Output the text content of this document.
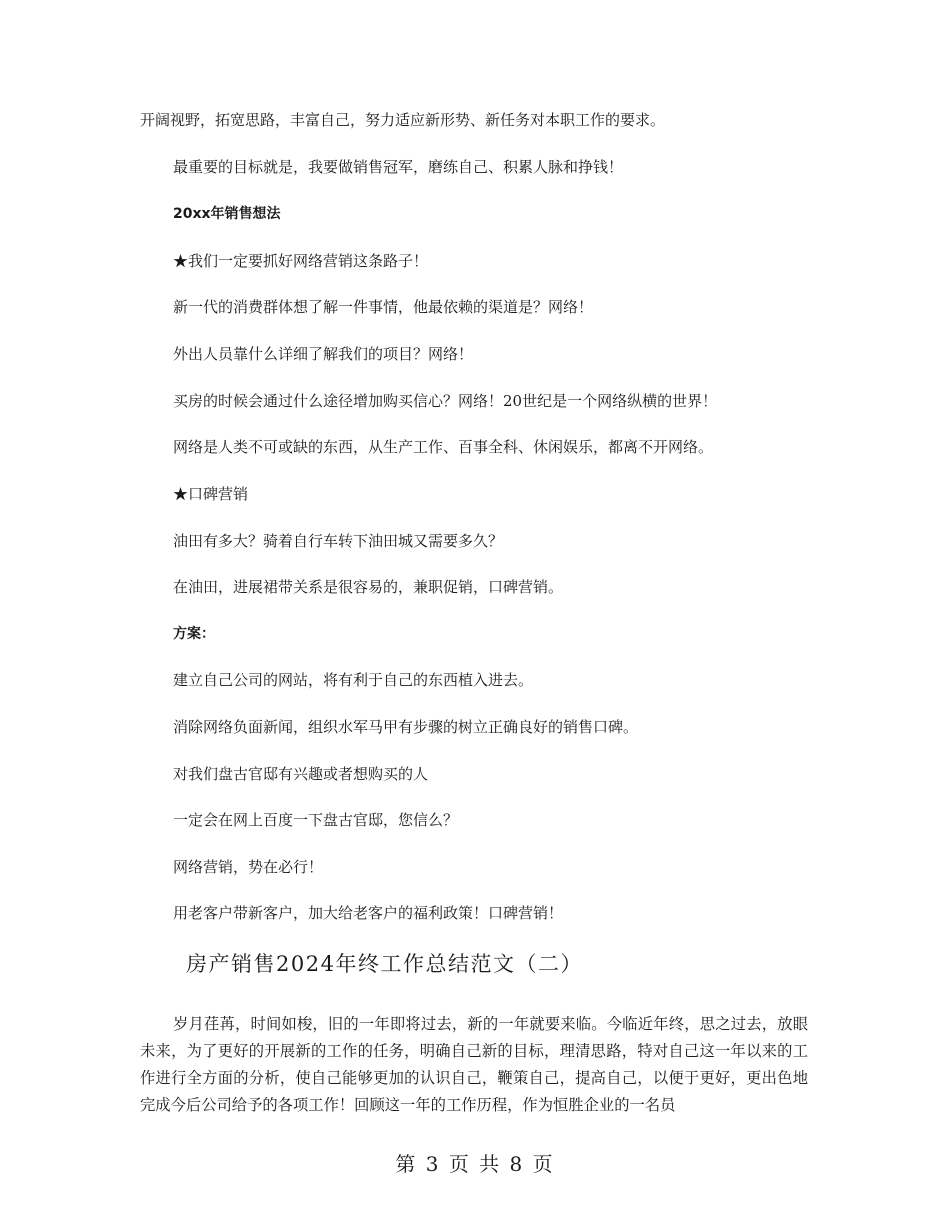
开阔视野，拓宽思路，丰富自己，努力适应新形势、新任务对本职工作的要求。

最重要的目标就是，我要做销售冠军，磨练自己、积累人脉和挣钱！

20xx年销售想法

★我们一定要抓好网络营销这条路子！

新一代的消费群体想了解一件事情，他最依赖的渠道是？网络！

外出人员靠什么详细了解我们的项目？网络！

买房的时候会通过什么途径增加购买信心？网络！20世纪是一个网络纵横的世界！

网络是人类不可或缺的东西，从生产工作、百事全科、休闲娱乐，都离不开网络。

★口碑营销

油田有多大？骑着自行车转下油田城又需要多久？

在油田，进展裙带关系是很容易的，兼职促销，口碑营销。

方案：

建立自己公司的网站，将有利于自己的东西植入进去。

消除网络负面新闻，组织水军马甲有步骤的树立正确良好的销售口碑。

对我们盘古官邸有兴趣或者想购买的人

一定会在网上百度一下盘古官邸，您信么？

网络营销，势在必行！

用老客户带新客户，加大给老客户的福利政策！口碑营销！

房产销售2024年终工作总结范文（二）

岁月荏苒，时间如梭，旧的一年即将过去，新的一年就要来临。今临近年终，思之过去，放眼未来，为了更好的开展新的工作的任务，明确自己新的目标，理清思路，特对自己这一年以来的工作进行全方面的分析，使自己能够更加的认识自己，鞭策自己，提高自己，以便于更好，更出色地完成今后公司给予的各项工作！回顾这一年的工作历程，作为恒胜企业的一名员

第 3 页 共 8 页
